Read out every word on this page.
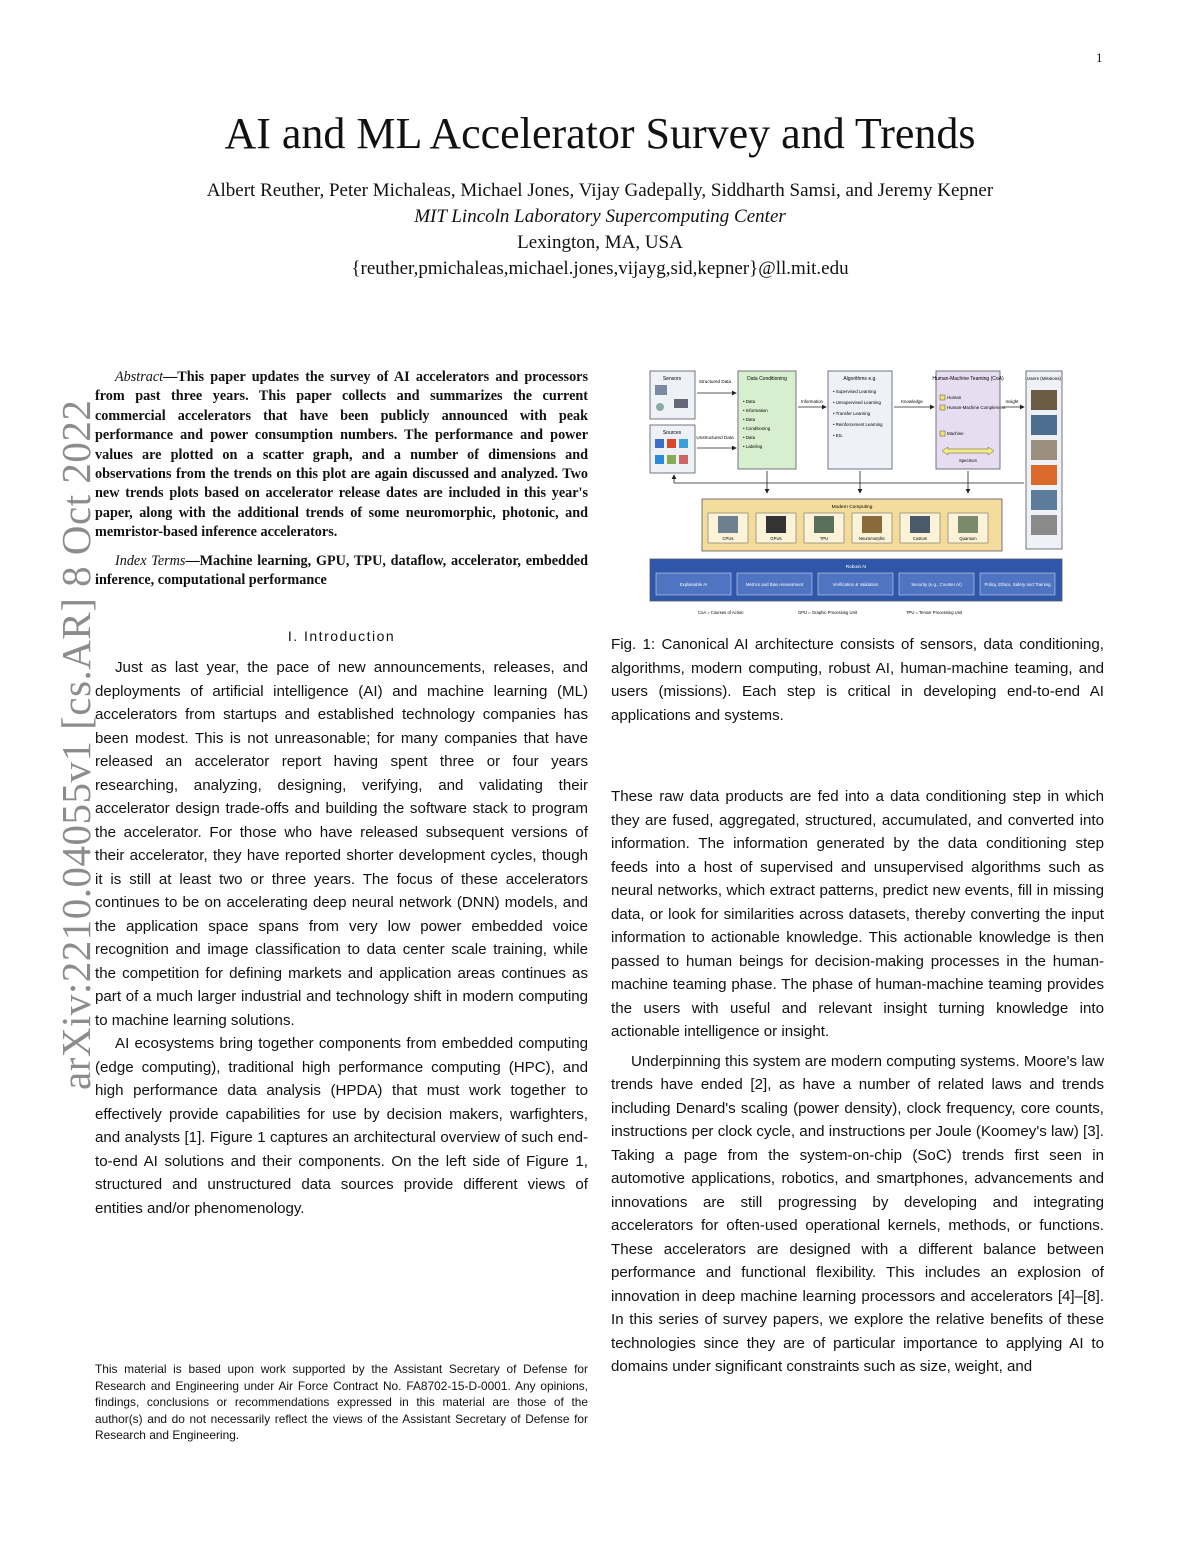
1
arXiv:2210.04055v1 [cs.AR] 8 Oct 2022
AI and ML Accelerator Survey and Trends
Albert Reuther, Peter Michaleas, Michael Jones, Vijay Gadepally, Siddharth Samsi, and Jeremy Kepner
MIT Lincoln Laboratory Supercomputing Center
Lexington, MA, USA
{reuther,pmichaleas,michael.jones,vijayg,sid,kepner}@ll.mit.edu

Abstract—This paper updates the survey of AI accelerators and processors from past three years. This paper collects and summarizes the current commercial accelerators that have been publicly announced with peak performance and power consumption numbers. The performance and power values are plotted on a scatter graph, and a number of dimensions and observations from the trends on this plot are again discussed and analyzed. Two new trends plots based on accelerator release dates are included in this year's paper, along with the additional trends of some neuromorphic, photonic, and memristor-based inference accelerators.

Index Terms—Machine learning, GPU, TPU, dataflow, accelerator, embedded inference, computational performance

I. Introduction

Just as last year, the pace of new announcements, releases, and deployments of artificial intelligence (AI) and machine learning (ML) accelerators from startups and established technology companies has been modest. This is not unreasonable; for many companies that have released an accelerator report having spent three or four years researching, analyzing, designing, verifying, and validating their accelerator design trade-offs and building the software stack to program the accelerator. For those who have released subsequent versions of their accelerator, they have reported shorter development cycles, though it is still at least two or three years. The focus of these accelerators continues to be on accelerating deep neural network (DNN) models, and the application space spans from very low power embedded voice recognition and image classification to data center scale training, while the competition for defining markets and application areas continues as part of a much larger industrial and technology shift in modern computing to machine learning solutions.

AI ecosystems bring together components from embedded computing (edge computing), traditional high performance computing (HPC), and high performance data analysis (HPDA) that must work together to effectively provide capabilities for use by decision makers, warfighters, and analysts [1]. Figure 1 captures an architectural overview of such end-to-end AI solutions and their components. On the left side of Figure 1, structured and unstructured data sources provide different views of entities and/or phenomenology.

This material is based upon work supported by the Assistant Secretary of Defense for Research and Engineering under Air Force Contract No. FA8702-15-D-0001. Any opinions, findings, conclusions or recommendations expressed in this material are those of the author(s) and do not necessarily reflect the views of the Assistant Secretary of Defense for Research and Engineering.

Sensors
Sources
Structured Data
Unstructured Data
Data Conditioning
• Data • Information • Data • Conditioning • Data • Labeling
Information
Algorithms e.g.
• Supervised Learning • Unsupervised Learning • Transfer Learning • Reinforcement Learning • Etc.
Knowledge
Human-Machine Teaming (CoA)
Human
Human-Machine Complement
Machine
Spectrum
Insight
Users (Missions)
Modern Computing
CPUs	GPUs	TPU	Neuromorphic	Custom	Quantum
Robust AI
Explainable AI	Metrics and Bias Assessment	Verification & Validation	Security (e.g., Counter AI)	Policy, Ethics, Safety and Training
CoA = Courses of Action	GPU = Graphic Processing Unit	TPU = Tensor Processing Unit

Fig. 1: Canonical AI architecture consists of sensors, data conditioning, algorithms, modern computing, robust AI, human-machine teaming, and users (missions). Each step is critical in developing end-to-end AI applications and systems.

These raw data products are fed into a data conditioning step in which they are fused, aggregated, structured, accumulated, and converted into information. The information generated by the data conditioning step feeds into a host of supervised and unsupervised algorithms such as neural networks, which extract patterns, predict new events, fill in missing data, or look for similarities across datasets, thereby converting the input information to actionable knowledge. This actionable knowledge is then passed to human beings for decision-making processes in the human-machine teaming phase. The phase of human-machine teaming provides the users with useful and relevant insight turning knowledge into actionable intelligence or insight.

Underpinning this system are modern computing systems. Moore's law trends have ended [2], as have a number of related laws and trends including Denard's scaling (power density), clock frequency, core counts, instructions per clock cycle, and instructions per Joule (Koomey's law) [3]. Taking a page from the system-on-chip (SoC) trends first seen in automotive applications, robotics, and smartphones, advancements and innovations are still progressing by developing and integrating accelerators for often-used operational kernels, methods, or functions. These accelerators are designed with a different balance between performance and functional flexibility. This includes an explosion of innovation in deep machine learning processors and accelerators [4]–[8]. In this series of survey papers, we explore the relative benefits of these technologies since they are of particular importance to applying AI to domains under significant constraints such as size, weight, and
